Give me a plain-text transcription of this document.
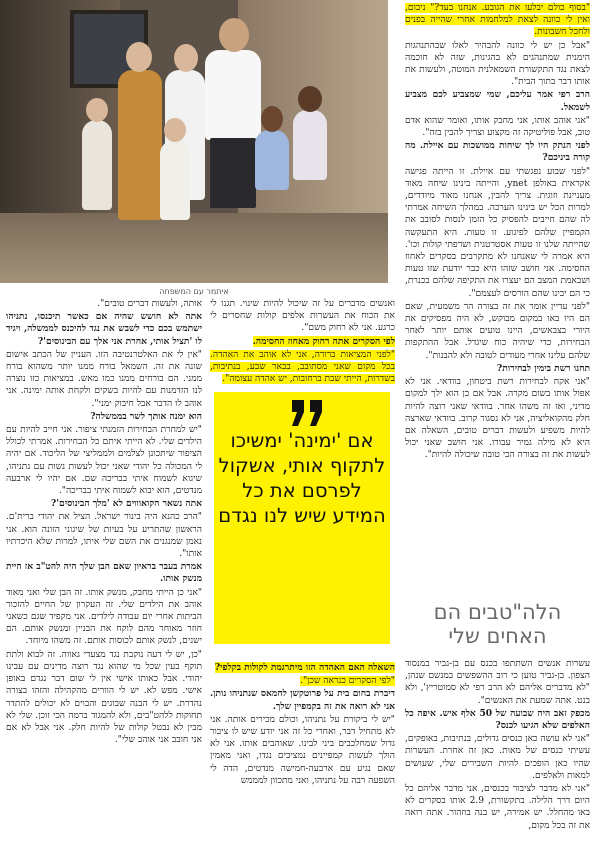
איתמר עם המשפחה

"בסוף כולם יבלעו את הגובע. אנחנו בעד?" ניבום, ואין לי כוונה לצאת למלחמות אחרי שהייה בפנים ולחכל חשבונות.

"אבל כן יש לי כוונה להבהיר לאלו שבהתנהגות הימנית שמתנהגים לא בהגינות, שזה לא חוכמה לצאת נגד התקשורת השמאלנית המוטה, ולעשות את אותו דבר בתוך הבית".

הרב רפי אמר עליכם, שמי שמצביע לכם מצביע לשמאל.

"אני אוהב אותו, אני מחבק אותו, ואומר שהוא אדם טוב, אבל פוליטיקה זה מקצוע וצריך להבין בזה".

לפני הנתק היו לך שיחות ממושכות עם איילת. מה קורה ביניכם?

"לפני שבוע נפגשתי עם איילת. זו הייתה פגישה אקראית באולפן ynet, והייתה בינינו שיחה מאוד מעניינת וזוגית. צריך להבין, אנחנו מאוד מיודדים, למרות הכל יש בינינו הערכה. במהלך השיחה אמרתי לה שהם חייבים להפסיק כל הזמן לנסות לסובב את הקמפיין שלהם לפיגוע. זו טעות. היא התעקשה שהייתה שלנו זו טעות אסטרטגית ושרפתי קולות וכו'. היא אמרה לי שאנחנו לא מתקרבים בסקרים לאחוז החסימה. אני חושב שזהו היא כבר יודעת שזו טעות ושבאמת המצב הם יעצרו את התקיפה שלהם בכנרת, כי הם יבינו שהם הורסים לעצמם".

"לפני עדיין אומר את זה בצורה הר משמעית, שאם הם היו באו במקום מבוקש, לא היה מפסיקים את היורי בצבאשים, היינו טועים אותם יותר לאחר הבחירות, כדי שיהיה כוח שיגדל. אבל ההתקפות שלהם עלינו אחרי מעודים לטובה ולא להבנות".

תחנו רשת בימין לבחירות?

"אני אקח לבחירות רשת ביטחון, בוודאי. אני לא אפול אותו בשום מקרה. אבל אם כן הוא ילך למקום מדיני, ואז זה משהו אחר. בוודאי שאני רוצה להיות חלק מהקואליציה, אני לא נסגור קרוב. בוודאי שארצה להיות משפיע ולעשות דברים טובים, השאלה אם היא לא מילה גמיר עבורו. אני חושב שאני יכול לעשות את זה בצורה הכי טובה שיכולה להיות".

ואנשים מדברים על זה שיכול להיות שינוי. תגנו לי את הכוח את העשרות אלפים קולות שחסרים לי כרגע. אני לא רחוק משם".

לפי הסקרים אתה רחוק מאחוז החסימה.

"לפני המציאות ברורה, אני לא אוהב את האהדה. בכל מקום שאני מסתובב, בבאר שבע, בנתיבות, בשדרות, הייתי שבת ברחובות, יש אהדה עצומה".

אם 'ימינה' ימשיכו לתקוף אותי, אשקול לפרסם את כל המידע שיש לנו נגדם

השאלה האם האהדה הזו מיתרגמת לקולות בקלפי?

"לפי הסקרים כנראה שכן".

דיברת בחום בית על פרוטקשן לחמאס שנתניהו נותן. אני לא רואה את זה בקמפיין שלך.

"יש לי ביקורת על נתניהו, וכולם מכירים אותה. אני לא מתחיל דבר, ואחרי כל זה אני יודע שיש לו ציבור גדול שמחלכבים ביני לבינו. שאוהבים אותו. אני לא הולך לעשות קמפיינים נמציבים נגדו, ואני מאמין שאם נגיע עם ארבעה-חמישה מנדטים, הדה לי השפעה רבה על נתניהו, ואני מתכוון למממש

אותה, ולעשות דברים טובים".

אתה לא חושש שהיה אם כאשר תיכנסו, נתניהו ישתמש בכם כדי לשבש את נגד להיכנס לממשלה, ויגיד לו 'תציל אותי, אחרת אני אלך עם הבינוסים'?

"אין לי את האלטרנטיבה הזו. העניין של הכתב אישום שונה את זה. השמאל בורח ממנו יותר משהוא בורח ממני. הם בורחים ממנו כמו מאש. במציאות כזו נוצרה לנו הזדמנות עם להיות בשקים ולקחת אותה ימינה. אני אוהב לו הדבר אבל חיבוק ימני".

הוא ימנה אותך לשר בממשלה?

"יש למחרת הבחירות הזמנתי ציפור. אני חייב להיות עם הילדים שלי. לא הייתי איתם כל הבחירות. אמרתי לכולל הציפור שיתכונן לצלמים ולממליצי של הליכוד. אם יהיה לי המכולה כל יהודי שאני יכול לעשות נשות עם נתניהו, שיגוא לשמוח איתי בבריכה שם. אם יהיו לי ארבעה מנדטים, הוא יבוא לשמוח איתי בבריכה".

אתה נשאר הקואוווים לא 'מלך הבינוסים'?

"הרב כהנא היה בינור ישראל. הציל את יהודי ברית'ם. הראשון שהתריע על בעיות של שיגוני הזונה הוא. אני נאמן שמנגנים את השם שלי איתו, למרות שלא היכרתיו אותו".

אמרת בעבר בראיון שאם הבן שלך היה להט"ב אז היית מנשק אותו.

"אני כן הייתי מחבק, מנשק אותו. זה הבן שלי ואני מאוד אוהב את הילדים שלי. זה העקרון של החיים להזכור הביתות אחרי יום עבודה לילדים. אני מקפיד שגם כשאני חוזר מאוחר מהם לוקח את הבניין ומנשק אותם. הם ישנים, לנשק אותם לכוסות אותם. זה משהו מיוחד.

"כן, יש לי דעה נוקבת נגד מצעדי גאווה. זה לבוא ולתת תוקף בעין שכל מי שהוא נגד רוצה מדינים עם עבינו יהודי. אבל כאותו אישי אין לי שום דבר נגדם באופן אישי. מפש לא. יש לי הוורים מהקהילה והזהו בצורה נהדרת. יש לי הבנה שבוגים והבוים לא יכולים להתדר תחוקות ללהט"בים, ולא להמגוד ברמה הכי זוכן. שלי לא מבין לא נבטל קולות של להיות חלק. אני אבל לא אם אני חובב אני אוהב שלי".

הלה"טבים הם האחים שלי

עשרות אנשים השתתפו בכנס עם בן-גביר במנסוד הצפון. בן-גביר טוען כי רוב ההשפשים במנשם שנהן, "לא מדברים אליהם לא הרב רפי לא סמוטריץ', ולא בנט. אתה שמעת את האנשים".

מכפק זאב היה שבועה של 50 אלף איש. איפה כל האלפים שלא הגיעו לכנס?

"אני לא עושה כאן כנסים גדולים, בנתיבות, באופקים, עשיתי כנסים של מאות. כאן זה אחרת. העשרות שהיו כאן הופכים להיות השבירים שלי, שעושים למאות ולאלפים.

"אני לא מדבר לציבור בכנסים, אני מדבר אליהם כל היום דרך הלילה. בתקשורת, 2.9 אותו בסקרים לא באו מהחלל. יש אמירה, יש בנה בוזהור. אתה רואה את זה בכל מקום,
